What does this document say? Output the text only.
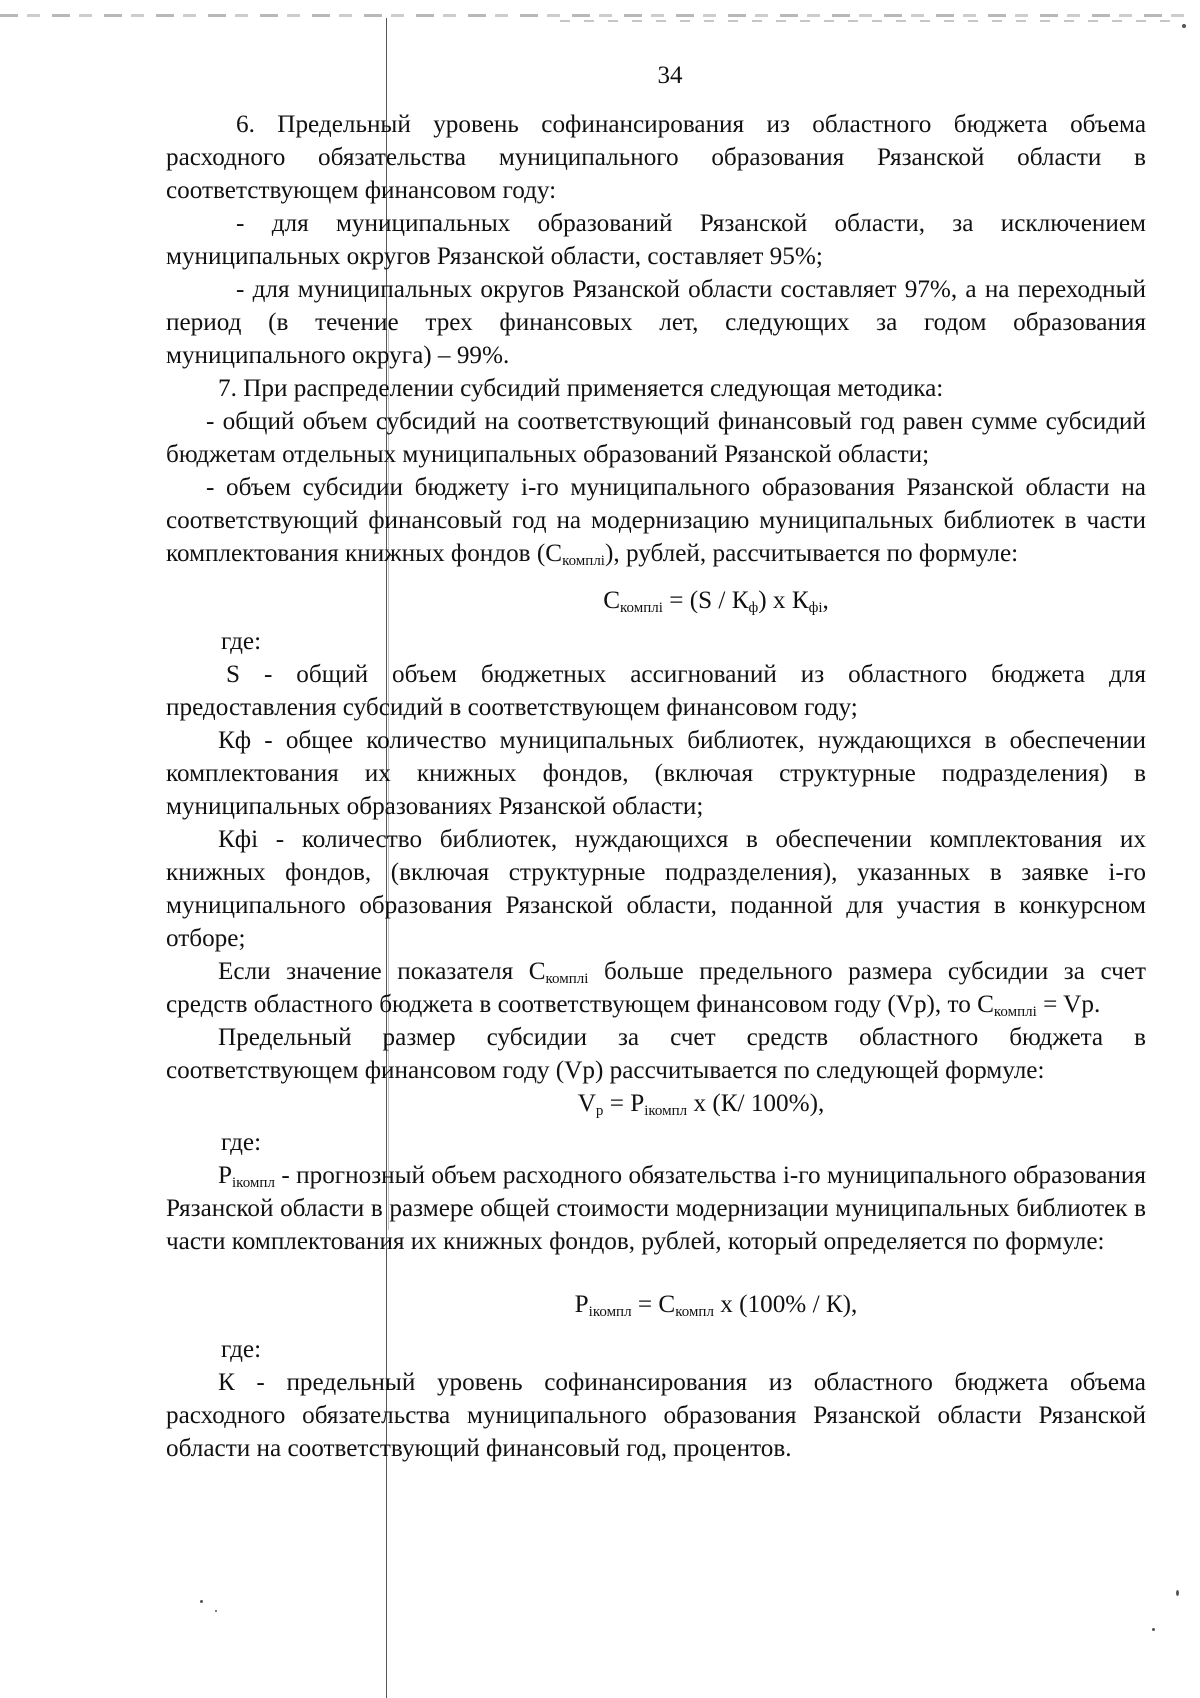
34

6. Предельный уровень софинансирования из областного бюджета объема расходного обязательства муниципального образования Рязанской области в соответствующем финансовом году:

- для муниципальных образований Рязанской области, за исключением муниципальных округов Рязанской области, составляет 95%;

- для муниципальных округов Рязанской области составляет 97%, а на переходный период (в течение трех финансовых лет, следующих за годом образования муниципального округа) – 99%.

7. При распределении субсидий применяется следующая методика:

- общий объем субсидий на соответствующий финансовый год равен сумме субсидий бюджетам отдельных муниципальных образований Рязанской области;

- объем субсидии бюджету i-го муниципального образования Рязанской области на соответствующий финансовый год на модернизацию муниципальных библиотек в части комплектования книжных фондов $(С_{комплi})$, рублей, рассчитывается по формуле:

$С_{комплi} = (S / К_ф)$ х $К_{фi}$,

где:

S - общий объем бюджетных ассигнований из областного бюджета для предоставления субсидий в соответствующем финансовом году;

Кф - общее количество муниципальных библиотек, нуждающихся в обеспечении комплектования их книжных фондов, (включая структурные подразделения) в муниципальных образованиях Рязанской области;

Кфi - количество библиотек, нуждающихся в обеспечении комплектования их книжных фондов, (включая структурные подразделения), указанных в заявке i-го муниципального образования Рязанской области, поданной для участия в конкурсном отборе;

Если значение показателя $С_{комплi}$ больше предельного размера субсидии за счет средств областного бюджета в соответствующем финансовом году (Vp), то $С_{комплi} = Vp$.

Предельный размер субсидии за счет средств областного бюджета в соответствующем финансовом году (Vp) рассчитывается по следующей формуле:

$V_p = P_{iкомпл}$ х (К/ 100%),

где:

$P_{iкомпл}$ - прогнозный объем расходного обязательства i-го муниципального образования Рязанской области в размере общей стоимости модернизации муниципальных библиотек в части комплектования их книжных фондов, рублей, который определяется по формуле:

$P_{iкомпл} = С_{компл}$ х (100% / К),

где:

К - предельный уровень софинансирования из областного бюджета объема расходного обязательства муниципального образования Рязанской области Рязанской области на соответствующий финансовый год, процентов.
